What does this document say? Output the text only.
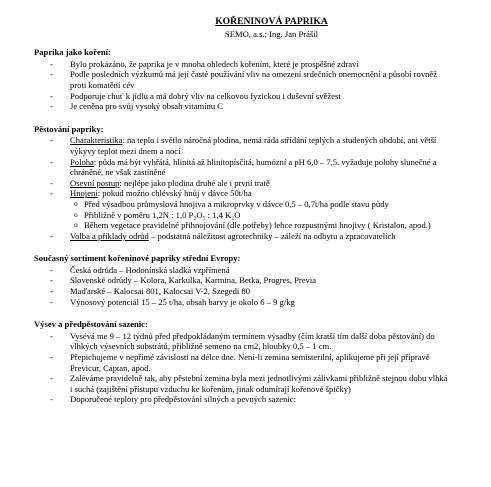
KOŘENINOVÁ PAPRIKA
SEMO, a.s.; Ing. Jan Prášil
Paprika jako koření:
- Bylo prokázáno, že paprika je v mnoha ohledech kořením, které je prospěšné zdraví
- Podle posledních výzkumů má její časté používání vliv na omezení srdečních onemocnění a působí rovněž proti komatění cév
- Podporuje chuť k jídlu a má dobrý vliv na celkovou fyzickou i duševní svěžest
- Je ceněna pro svůj vysoký obsah vitamínu C
Pěstování papriky:
- Charakteristika: na teplo i světlo náročná plodina, nemá ráda střídání teplých a studených období, ani větší výkyvy teplot mezi dnem a nocí
- Poloha: půda má být vyhřátá, hlinitá až hlinitopísčitá, humózní a pH 6,0 – 7,5. vyžaduje polohy slunečné a chráněné, ne však zastíněné
- Osevní postup: nejlépe jako plodina druhé ale i první tratě
- Hnojení: pokud možno chlévský hnůj v dávce 50t/ha
o Před výsadbou průmyslová hnojiva a mikroprvky v dávce 0,5 – 0,7t/ha podle stavu půdy
o Přibližně v poměru 1,2N : 1,0 P₂O₅ : 1,4 K₂O
o Během vegetace pravidelné přihnojování (dle potřeby) lehce rozpustnými hnojivy ( Kristalon, apod.)
- Volba a příklady odrůd – podstatná náležitost agrotechniky – záleží na odbytu a zpracovatelích
Současný sortiment kořeninové papriky střední Evropy:
- Česká odrůda – Hodonínská sladká vzpřímená
- Slovenské odrůdy – Kolora, Karkulka, Karmina, Betka, Progres, Previa
- Maďarské – Kalocsai 801, Kalocsai V-2, Szegedi 80
- Výnosový potenciál 15 – 25 t/ha, obsah barvy je okolo 6 – 9 g/kg
Výsev a předpěstování sazenic:
- Vysévá me 9 – 12 týdnů před předpokládaným termínem výsadby (čím kratší tím další doba pěstování) do vlhkých výsevních substrátů, přibližně semeno na cm2, hloubky 0,5 – 1 cm.
- Přepichujeme v nepřímé závislosti na délce dne. Není-li zemina semisterilní, aplikujeme při její přípravě Previcur, Captan, apod.
- Zaléváme pravidelně tak, aby pěstební zemina byla mezi jednotlivými zálivkami přibližně stejnou dobu vlhká i suchá (zajištění přístupu vzduchu ke kořenům, jinak odumírají kořenové špičky)
- Doporučené teploty pro předpěstování silných a pevných sazenic:
